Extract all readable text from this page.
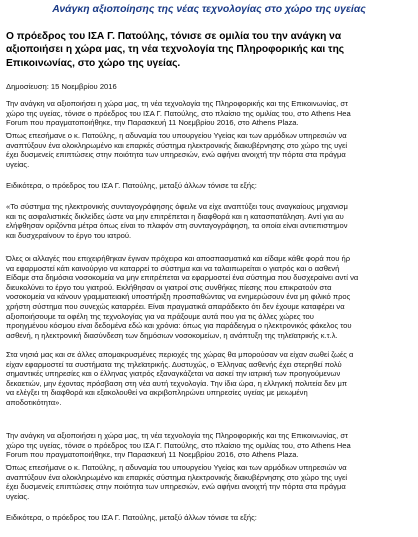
Ανάγκη αξιοποίησης της νέας τεχνολογίας στο χώρο της υγείας
Ο πρόεδρος του ΙΣΑ Γ. Πατούλης, τόνισε σε ομιλία του την ανάγκη να
αξιοποιήσει η χώρα μας, τη νέα τεχνολογία της Πληροφορικής και της
Επικοινωνίας, στο χώρο της υγείας.
Δημοσίευση: 15 Νοεμβρίου 2016
Την ανάγκη να αξιοποιήσει η χώρα μας, τη νέα τεχνολογία της Πληροφορικής και της Επικοινωνίας, στ
χώρο της υγείας, τόνισε ο πρόεδρος του ΙΣΑ Γ. Πατούλης, στο πλαίσιο της ομιλίας του, στο Athens Hea
Forum που πραγματοποιήθηκε, την Παρασκευή 11 Νοεμβρίου 2016, στο Athens Plaza.
Όπως επεσήμανε ο κ. Πατούλης, η αδυναμία του υπουργείου Υγείας και των αρμόδιων υπηρεσιών να
αναπτύξουν ένα ολοκληρωμένο και επαρκές σύστημα ηλεκτρονικής διακυβέρνησης στο χώρο της υγεί
έχει δυσμενείς επιπτώσεις στην ποιότητα των υπηρεσιών, ενώ αφήνει ανοιχτή την πόρτα στα πράγμα
υγείας.
Ειδικότερα, ο πρόεδρος του ΙΣΑ Γ. Πατούλης, μεταξύ άλλων τόνισε τα εξής:
«Το σύστημα της ηλεκτρονικής συνταγογράφησης όφειλε να είχε αναπτύξει τους αναγκαίους μηχανισμ
και τις ασφαλιστικές δικλείδες ώστε να μην επιτρέπεται η διαφθορά και η κατασπατάληση. Αντί για αυ
ελήφθησαν οριζόντια μέτρα όπως είναι το πλαφόν στη συνταγογράφηση, τα οποία είναι αντιεπιστημον
και δυσχεραίνουν το έργο του ιατρού.
Όλες οι αλλαγές που επιχειρήθηκαν έγιναν πρόχειρα και αποσπασματικά και είδαμε κάθε φορά που ήρ
να εφαρμοστεί κάτι καινούργιο να καταρρεί το σύστημα και να ταλαιπωρείται ο γιατρός και ο ασθενή
Είδαμε στα δημόσια νοσοκομεία να μην επιτρέπεται να εφαρμοστεί ένα σύστημα που δυσχεραίνει αντί να
διευκολύνει το έργο του γιατρού. Εκλήθησαν οι γιατροί στις συνθήκες πίεσης που επικρατούν στα
νοσοκομεία να κάνουν γραμματειακή υποστήριξη προσπαθώντας να ενημερώσουν ένα μη φιλικό προς
χρήστη σύστημα που συνεχώς καταρρέει. Είναι πραγματικά απαράδεκτο ότι δεν έχουμε καταφέρει να
αξιοποιήσουμε τα οφέλη της τεχνολογίας για να πράξουμε αυτά που για τις άλλες χώρες του
προηγμένου κόσμου είναι δεδομένα εδώ και χρόνια: όπως για παράδειγμα ο ηλεκτρονικός φάκελος του
ασθενή, η ηλεκτρονική διασύνδεση των δημόσιων νοσοκομείων, η ανάπτυξη της τηλεϊατρικής κ.τ.λ.
Στα νησιά μας και σε άλλες απομακρυσμένες περιοχές της χώρας θα μπορούσαν να είχαν σωθεί ζωές α
είχαν εφαρμοστεί τα συστήματα της τηλεϊατρικής. Δυστυχώς, ο Έλληνας ασθενής έχει στερηθεί πολύ
σημαντικές υπηρεσίες και ο έλληνας γιατρός εξαναγκάζεται να ασκεί την ιατρική των προηγούμενων
δεκαετιών, μην έχοντας πρόσβαση στη νέα αυτή τεχνολογία. Την ίδια ώρα, η ελληνική πολιτεία δεν μπ
να ελέγξει τη διαφθορά και εξακολουθεί να ακριβοπληρώνει υπηρεσίες υγείας με μειωμένη
αποδοτικότητα».
Την ανάγκη να αξιοποιήσει η χώρα μας, τη νέα τεχνολογία της Πληροφορικής και της Επικοινωνίας, στ
χώρο της υγείας, τόνισε ο πρόεδρος του ΙΣΑ Γ. Πατούλης, στο πλαίσιο της ομιλίας του, στο Athens Hea
Forum που πραγματοποιήθηκε, την Παρασκευή 11 Νοεμβρίου 2016, στο Athens Plaza.
Όπως επεσήμανε ο κ. Πατούλης, η αδυναμία του υπουργείου Υγείας και των αρμόδιων υπηρεσιών να
αναπτύξουν ένα ολοκληρωμένο και επαρκές σύστημα ηλεκτρονικής διακυβέρνησης στο χώρο της υγεί
έχει δυσμενείς επιπτώσεις στην ποιότητα των υπηρεσιών, ενώ αφήνει ανοιχτή την πόρτα στα πράγμα
υγείας.
Ειδικότερα, ο πρόεδρος του ΙΣΑ Γ. Πατούλης, μεταξύ άλλων τόνισε τα εξής:
